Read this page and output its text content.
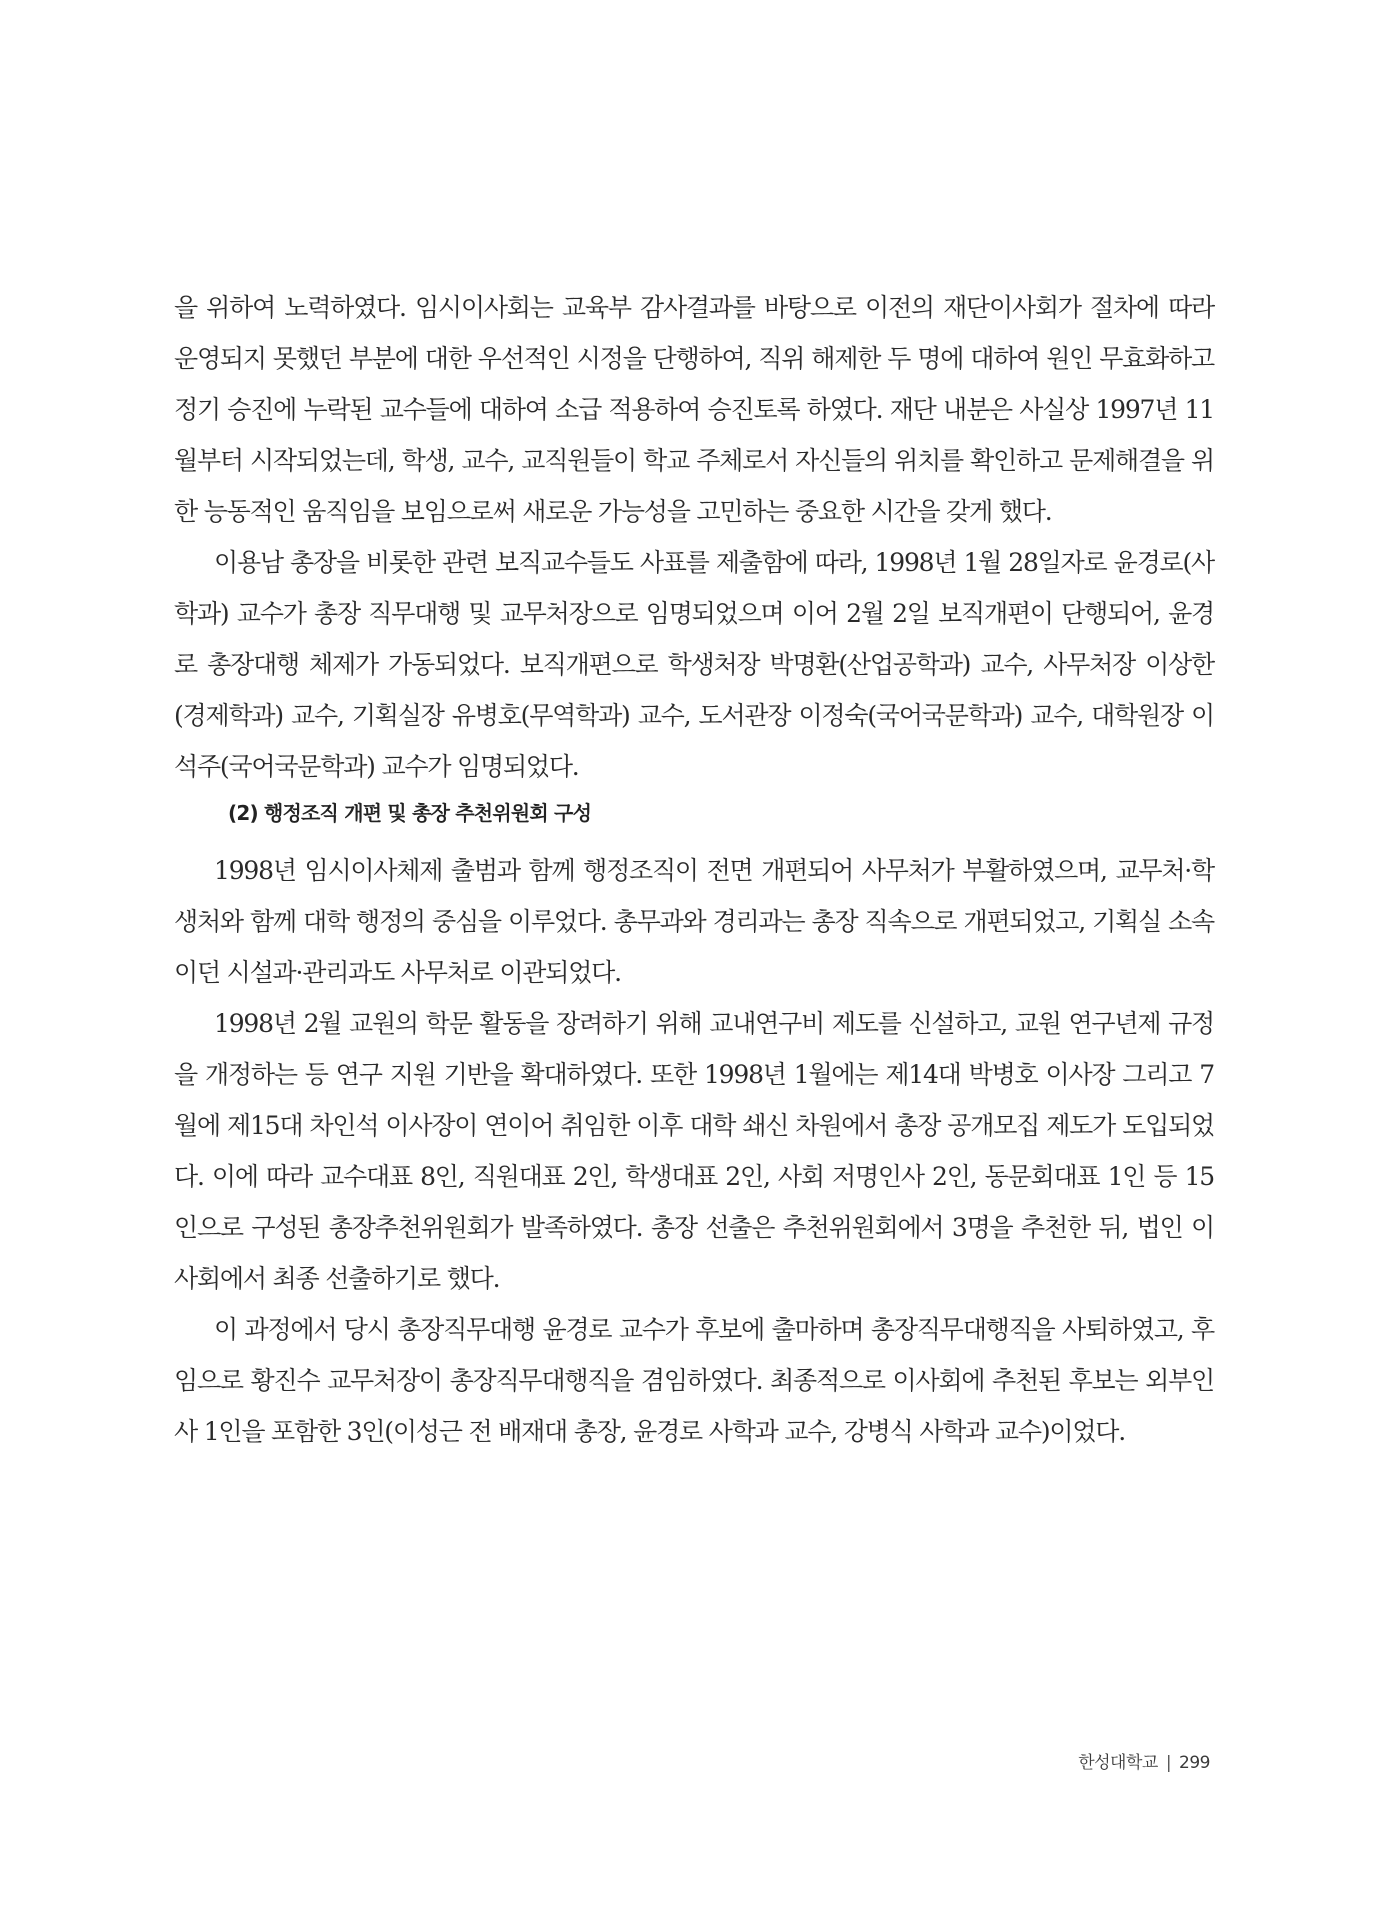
을 위하여 노력하였다. 임시이사회는 교육부 감사결과를 바탕으로 이전의 재단이사회가 절차에 따라 운영되지 못했던 부분에 대한 우선적인 시정을 단행하여, 직위 해제한 두 명에 대하여 원인 무효화하고 정기 승진에 누락된 교수들에 대하여 소급 적용하여 승진토록 하였다. 재단 내분은 사실상 1997년 11월부터 시작되었는데, 학생, 교수, 교직원들이 학교 주체로서 자신들의 위치를 확인하고 문제해결을 위한 능동적인 움직임을 보임으로써 새로운 가능성을 고민하는 중요한 시간을 갖게 했다.

이용남 총장을 비롯한 관련 보직교수들도 사표를 제출함에 따라, 1998년 1월 28일자로 윤경로(사학과) 교수가 총장 직무대행 및 교무처장으로 임명되었으며 이어 2월 2일 보직개편이 단행되어, 윤경로 총장대행 체제가 가동되었다. 보직개편으로 학생처장 박명환(산업공학과) 교수, 사무처장 이상한(경제학과) 교수, 기획실장 유병호(무역학과) 교수, 도서관장 이정숙(국어국문학과) 교수, 대학원장 이석주(국어국문학과) 교수가 임명되었다.

(2) 행정조직 개편 및 총장 추천위원회 구성

1998년 임시이사체제 출범과 함께 행정조직이 전면 개편되어 사무처가 부활하였으며, 교무처·학생처와 함께 대학 행정의 중심을 이루었다. 총무과와 경리과는 총장 직속으로 개편되었고, 기획실 소속이던 시설과·관리과도 사무처로 이관되었다.

1998년 2월 교원의 학문 활동을 장려하기 위해 교내연구비 제도를 신설하고, 교원 연구년제 규정을 개정하는 등 연구 지원 기반을 확대하였다. 또한 1998년 1월에는 제14대 박병호 이사장 그리고 7월에 제15대 차인석 이사장이 연이어 취임한 이후 대학 쇄신 차원에서 총장 공개모집 제도가 도입되었다. 이에 따라 교수대표 8인, 직원대표 2인, 학생대표 2인, 사회 저명인사 2인, 동문회대표 1인 등 15인으로 구성된 총장추천위원회가 발족하였다. 총장 선출은 추천위원회에서 3명을 추천한 뒤, 법인 이사회에서 최종 선출하기로 했다.

이 과정에서 당시 총장직무대행 윤경로 교수가 후보에 출마하며 총장직무대행직을 사퇴하였고, 후임으로 황진수 교무처장이 총장직무대행직을 겸임하였다. 최종적으로 이사회에 추천된 후보는 외부인사 1인을 포함한 3인(이성근 전 배재대 총장, 윤경로 사학과 교수, 강병식 사학과 교수)이었다.

한성대학교 | 299
